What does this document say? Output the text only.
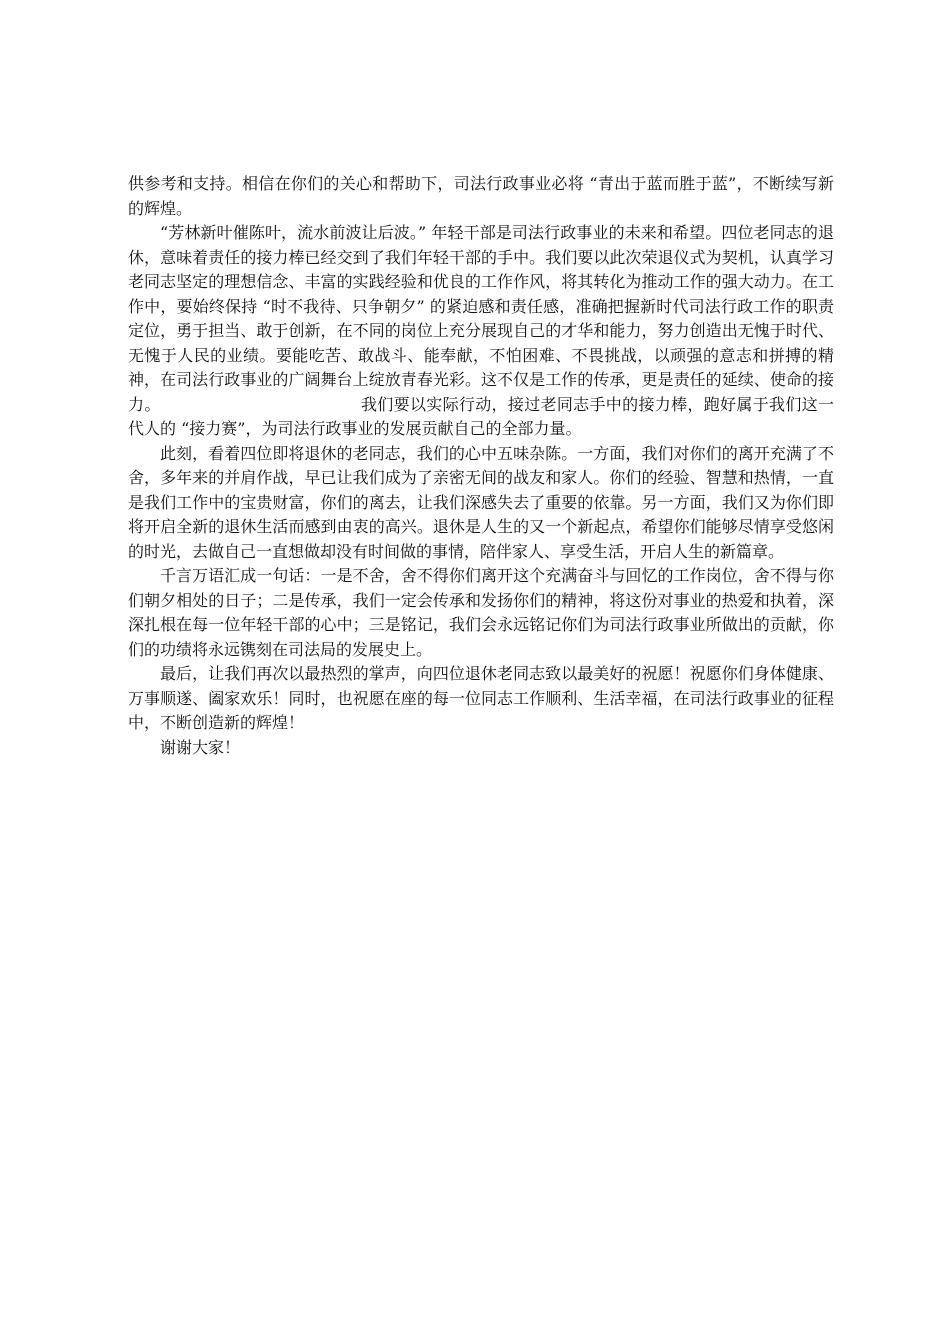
供参考和支持。相信在你们的关心和帮助下，司法行政事业必将 “青出于蓝而胜于蓝”，不断续写新的辉煌。

“芳林新叶催陈叶，流水前波让后波。” 年轻干部是司法行政事业的未来和希望。四位老同志的退休，意味着责任的接力棒已经交到了我们年轻干部的手中。我们要以此次荣退仪式为契机，认真学习老同志坚定的理想信念、丰富的实践经验和优良的工作作风，将其转化为推动工作的强大动力。在工作中，要始终保持 “时不我待、只争朝夕” 的紧迫感和责任感，准确把握新时代司法行政工作的职责定位，勇于担当、敢于创新，在不同的岗位上充分展现自己的才华和能力，努力创造出无愧于时代、无愧于人民的业绩。要能吃苦、敢战斗、能奉献，不怕困难、不畏挑战，以顽强的意志和拼搏的精神，在司法行政事业的广阔舞台上绽放青春光彩。这不仅是工作的传承，更是责任的延续、使命的接力。	我们要以实际行动，接过老同志手中的接力棒，跑好属于我们这一代人的 “接力赛”，为司法行政事业的发展贡献自己的全部力量。

此刻，看着四位即将退休的老同志，我们的心中五味杂陈。一方面，我们对你们的离开充满了不舍，多年来的并肩作战，早已让我们成为了亲密无间的战友和家人。你们的经验、智慧和热情，一直是我们工作中的宝贵财富，你们的离去，让我们深感失去了重要的依靠。另一方面，我们又为你们即将开启全新的退休生活而感到由衷的高兴。退休是人生的又一个新起点，希望你们能够尽情享受悠闲的时光，去做自己一直想做却没有时间做的事情，陪伴家人、享受生活，开启人生的新篇章。

千言万语汇成一句话：一是不舍，舍不得你们离开这个充满奋斗与回忆的工作岗位，舍不得与你们朝夕相处的日子；二是传承，我们一定会传承和发扬你们的精神，将这份对事业的热爱和执着，深深扎根在每一位年轻干部的心中；三是铭记，我们会永远铭记你们为司法行政事业所做出的贡献，你们的功绩将永远镌刻在司法局的发展史上。

最后，让我们再次以最热烈的掌声，向四位退休老同志致以最美好的祝愿！祝愿你们身体健康、万事顺遂、阖家欢乐！同时，也祝愿在座的每一位同志工作顺利、生活幸福，在司法行政事业的征程中，不断创造新的辉煌！

谢谢大家！
